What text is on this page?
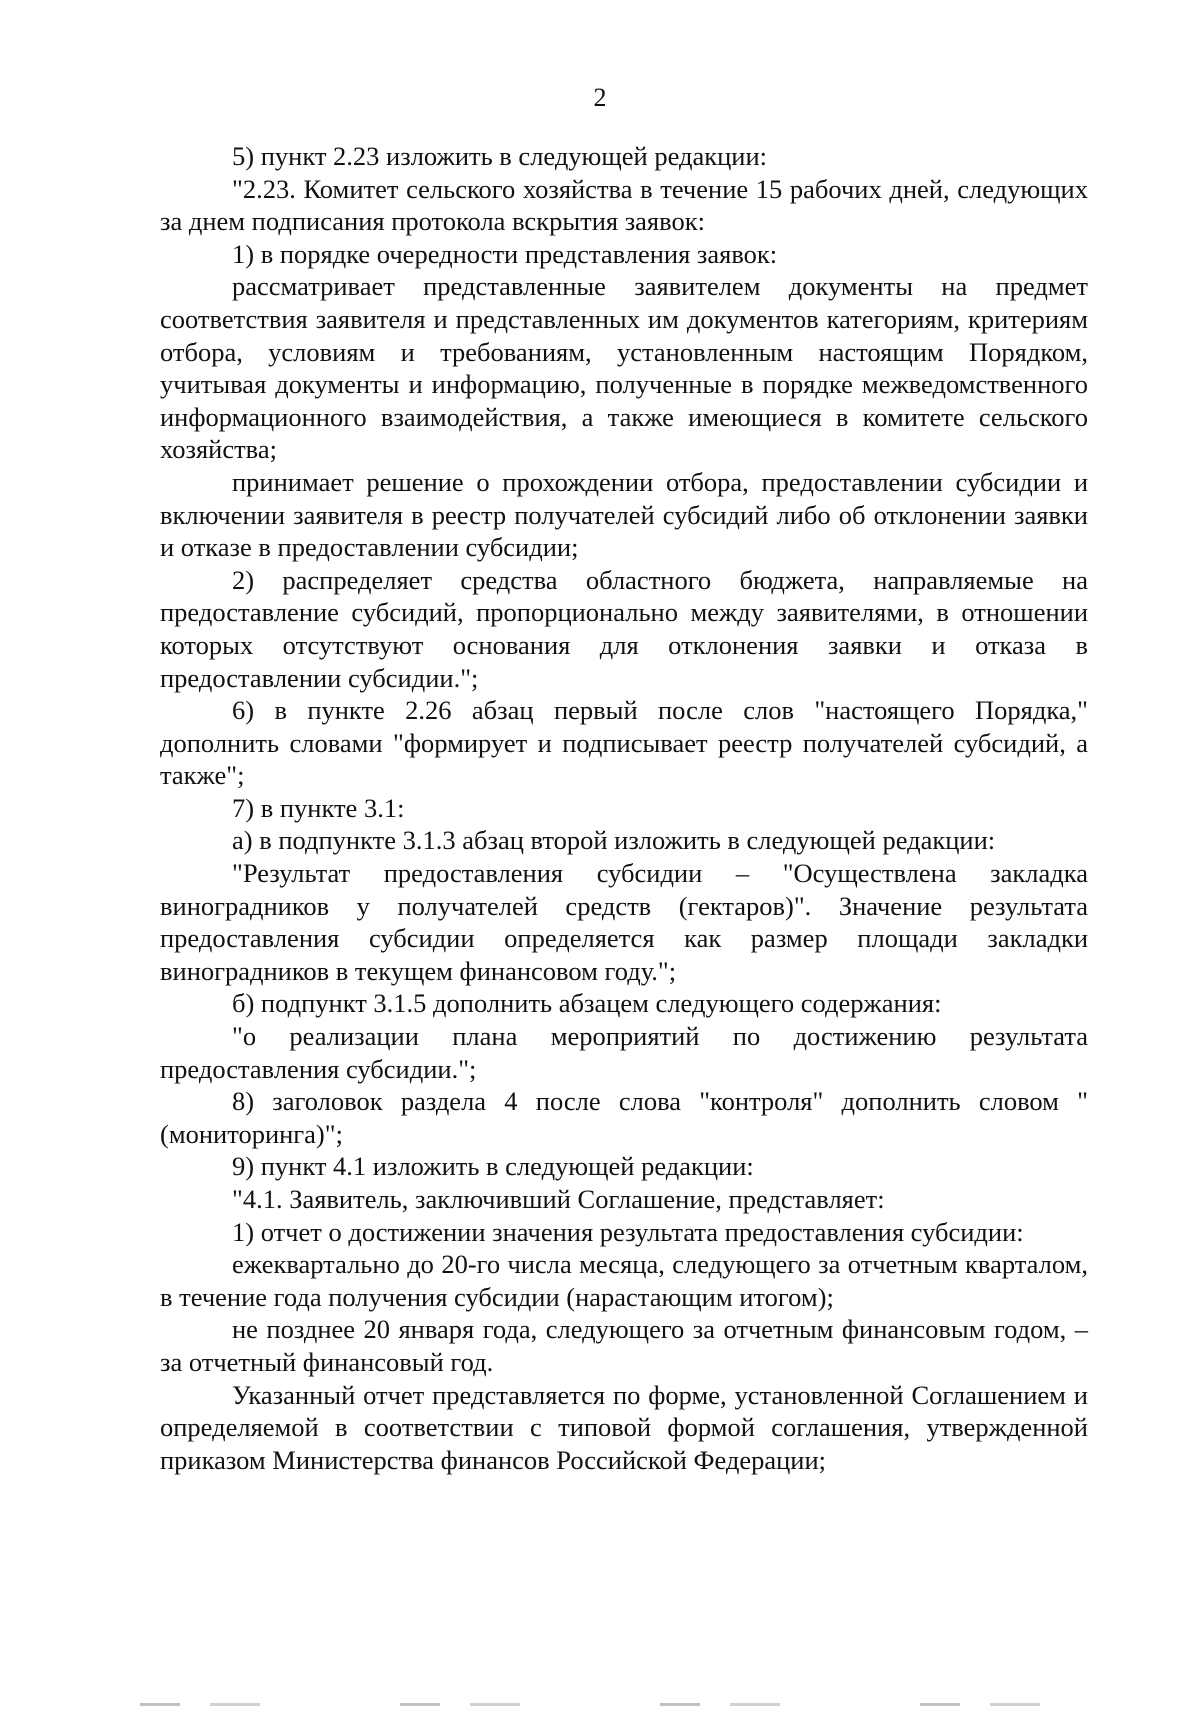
2

5) пункт 2.23 изложить в следующей редакции:

"2.23. Комитет сельского хозяйства в течение 15 рабочих дней, следующих за днем подписания протокола вскрытия заявок:

1) в порядке очередности представления заявок:

рассматривает представленные заявителем документы на предмет соответствия заявителя и представленных им документов категориям, критериям отбора, условиям и требованиям, установленным настоящим Порядком, учитывая документы и информацию, полученные в порядке межведомственного информационного взаимодействия, а также имеющиеся в комитете сельского хозяйства;

принимает решение о прохождении отбора, предоставлении субсидии и включении заявителя в реестр получателей субсидий либо об отклонении заявки и отказе в предоставлении субсидии;

2) распределяет средства областного бюджета, направляемые на предоставление субсидий, пропорционально между заявителями, в отношении которых отсутствуют основания для отклонения заявки и отказа в предоставлении субсидии.";

6) в пункте 2.26 абзац первый после слов "настоящего Порядка," дополнить словами "формирует и подписывает реестр получателей субсидий, а также";

7) в пункте 3.1:

а) в подпункте 3.1.3 абзац второй изложить в следующей редакции:

"Результат предоставления субсидии – "Осуществлена закладка виноградников у получателей средств (гектаров)". Значение результата предоставления субсидии определяется как размер площади закладки виноградников в текущем финансовом году.";

б) подпункт 3.1.5 дополнить абзацем следующего содержания:

"о реализации плана мероприятий по достижению результата предоставления субсидии.";

8) заголовок раздела 4 после слова "контроля" дополнить словом "(мониторинга)";

9) пункт 4.1 изложить в следующей редакции:

"4.1. Заявитель, заключивший Соглашение, представляет:

1) отчет о достижении значения результата предоставления субсидии:

ежеквартально до 20-го числа месяца, следующего за отчетным кварталом, в течение года получения субсидии (нарастающим итогом);

не позднее 20 января года, следующего за отчетным финансовым годом, – за отчетный финансовый год.

Указанный отчет представляется по форме, установленной Соглашением и определяемой в соответствии с типовой формой соглашения, утвержденной приказом Министерства финансов Российской Федерации;
